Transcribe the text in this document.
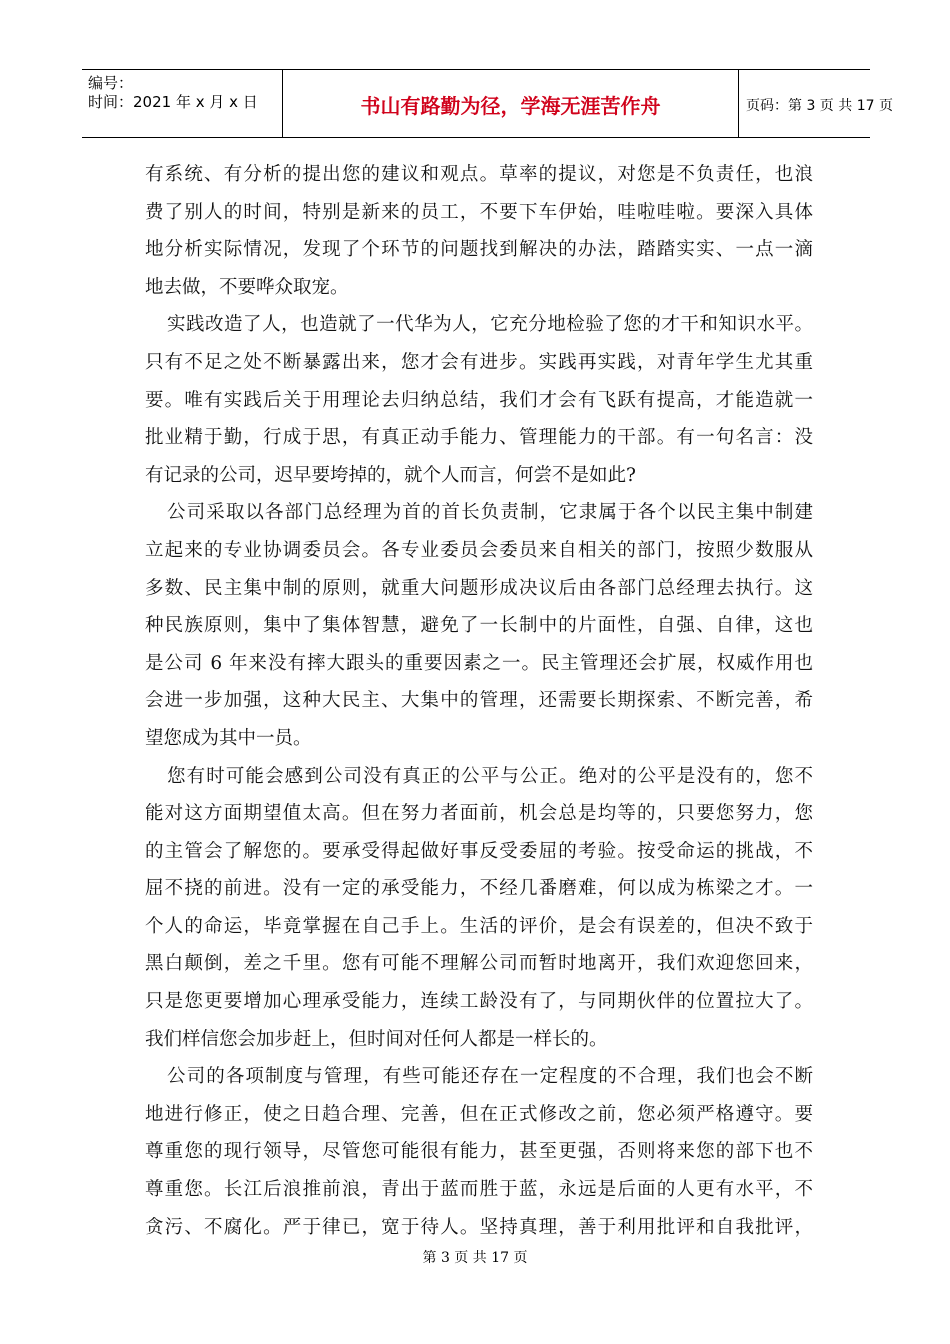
编号：
时间：2021 年 x 月 x 日	书山有路勤为径，学海无涯苦作舟	页码：第 3 页 共 17 页
有系统、有分析的提出您的建议和观点。草率的提议，对您是不负责任，也浪
费了别人的时间，特别是新来的员工，不要下车伊始，哇啦哇啦。要深入具体
地分析实际情况，发现了个环节的问题找到解决的办法，踏踏实实、一点一滴
地去做，不要哗众取宠。
实践改造了人，也造就了一代华为人，它充分地检验了您的才干和知识水平。
只有不足之处不断暴露出来，您才会有进步。实践再实践，对青年学生尤其重
要。唯有实践后关于用理论去归纳总结，我们才会有飞跃有提高，才能造就一
批业精于勤，行成于思，有真正动手能力、管理能力的干部。有一句名言：没
有记录的公司，迟早要垮掉的，就个人而言，何尝不是如此?
公司采取以各部门总经理为首的首长负责制，它隶属于各个以民主集中制建
立起来的专业协调委员会。各专业委员会委员来自相关的部门，按照少数服从
多数、民主集中制的原则，就重大问题形成决议后由各部门总经理去执行。这
种民族原则，集中了集体智慧，避免了一长制中的片面性，自强、自律，这也
是公司 6 年来没有摔大跟头的重要因素之一。民主管理还会扩展，权威作用也
会进一步加强，这种大民主、大集中的管理，还需要长期探索、不断完善，希
望您成为其中一员。
您有时可能会感到公司没有真正的公平与公正。绝对的公平是没有的，您不
能对这方面期望值太高。但在努力者面前，机会总是均等的，只要您努力，您
的主管会了解您的。要承受得起做好事反受委屈的考验。按受命运的挑战，不
屈不挠的前进。没有一定的承受能力，不经几番磨难，何以成为栋梁之才。一
个人的命运，毕竟掌握在自己手上。生活的评价，是会有误差的，但决不致于
黑白颠倒，差之千里。您有可能不理解公司而暂时地离开，我们欢迎您回来，
只是您更要增加心理承受能力，连续工龄没有了，与同期伙伴的位置拉大了。
我们样信您会加步赶上，但时间对任何人都是一样长的。
公司的各项制度与管理，有些可能还存在一定程度的不合理，我们也会不断
地进行修正，使之日趋合理、完善，但在正式修改之前，您必须严格遵守。要
尊重您的现行领导，尽管您可能很有能力，甚至更强，否则将来您的部下也不
尊重您。长江后浪推前浪，青出于蓝而胜于蓝，永远是后面的人更有水平，不
贪污、不腐化。严于律已，宽于待人。坚持真理，善于利用批评和自我批评，
第 3 页 共 17 页
